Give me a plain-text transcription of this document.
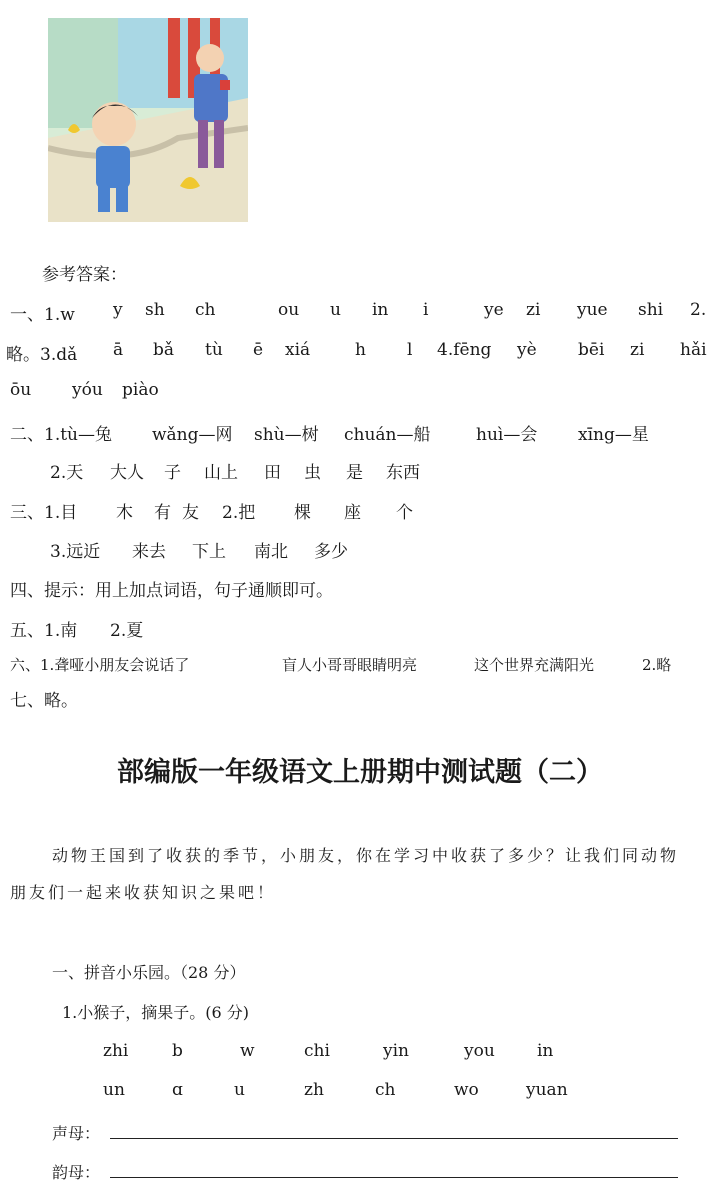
参考答案：
一、1.w y sh ch	ou u in i	ye zi yue shi 2.
略。3.dǎ ā bǎ tù ē xiá	h l 4.fēng yè bēi zi hǎi
ōu yóu piào
二、1.tù—兔 wǎng—网 shù—树 chuán—船	huì—会 xīng—星
2.天 大人 子 山上 田 虫 是 东西
三、1.目 木 有 友 2.把 棵 座 个
3.远近 来去 下上 南北 多少
四、提示：用上加点词语，句子通顺即可。
五、1.南 2.夏
六、1.聋哑小朋友会说话了	盲人小哥哥眼睛明亮	这个世界充满阳光	2.略
七、略。
部编版一年级语文上册期中测试题（二）
动物王国到了收获的季节，小朋友，你在学习中收获了多少？让我们同动物
朋友们一起来收获知识之果吧！
一、拼音小乐园。（28 分）
1.小猴子，摘果子。(6 分)
zhi	b	w	chi	yin	you in
un	ɑ	u	zh	ch	wo	yuan
声母：
韵母：
